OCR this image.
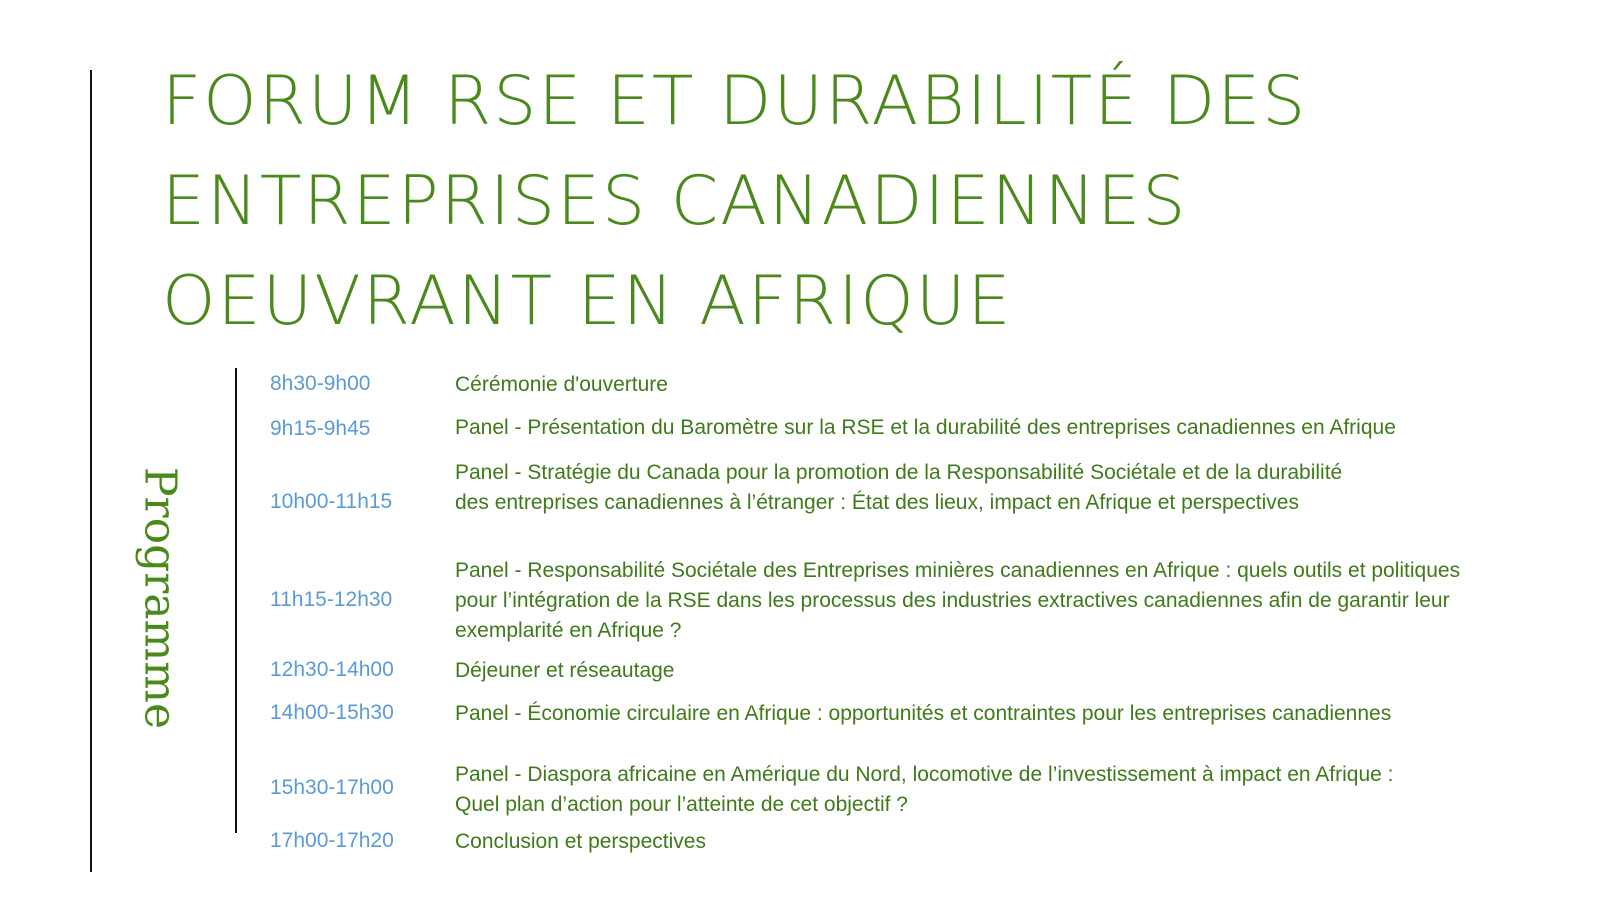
FORUM RSE ET DURABILITÉ DES
ENTREPRISES CANADIENNES
OEUVRANT EN AFRIQUE
Programme
8h30-9h00	Cérémonie d'ouverture
9h15-9h45	Panel - Présentation du Baromètre sur la RSE et la durabilité des entreprises canadiennes en Afrique
10h00-11h15
Panel - Stratégie du Canada pour la promotion de la Responsabilité Sociétale et de la durabilité des entreprises canadiennes à l’étranger : État des lieux, impact en Afrique et perspectives
11h15-12h30
Panel - Responsabilité Sociétale des Entreprises minières canadiennes en Afrique : quels outils et politiques pour l’intégration de la RSE dans les processus des industries extractives canadiennes afin de garantir leur exemplarité en Afrique ?
12h30-14h00	Déjeuner et réseautage
14h00-15h30	Panel - Économie circulaire en Afrique : opportunités et contraintes pour les entreprises canadiennes
15h30-17h00
Panel - Diaspora africaine en Amérique du Nord, locomotive de l’investissement à impact en Afrique : Quel plan d’action pour l’atteinte de cet objectif ?
17h00-17h20	Conclusion et perspectives
